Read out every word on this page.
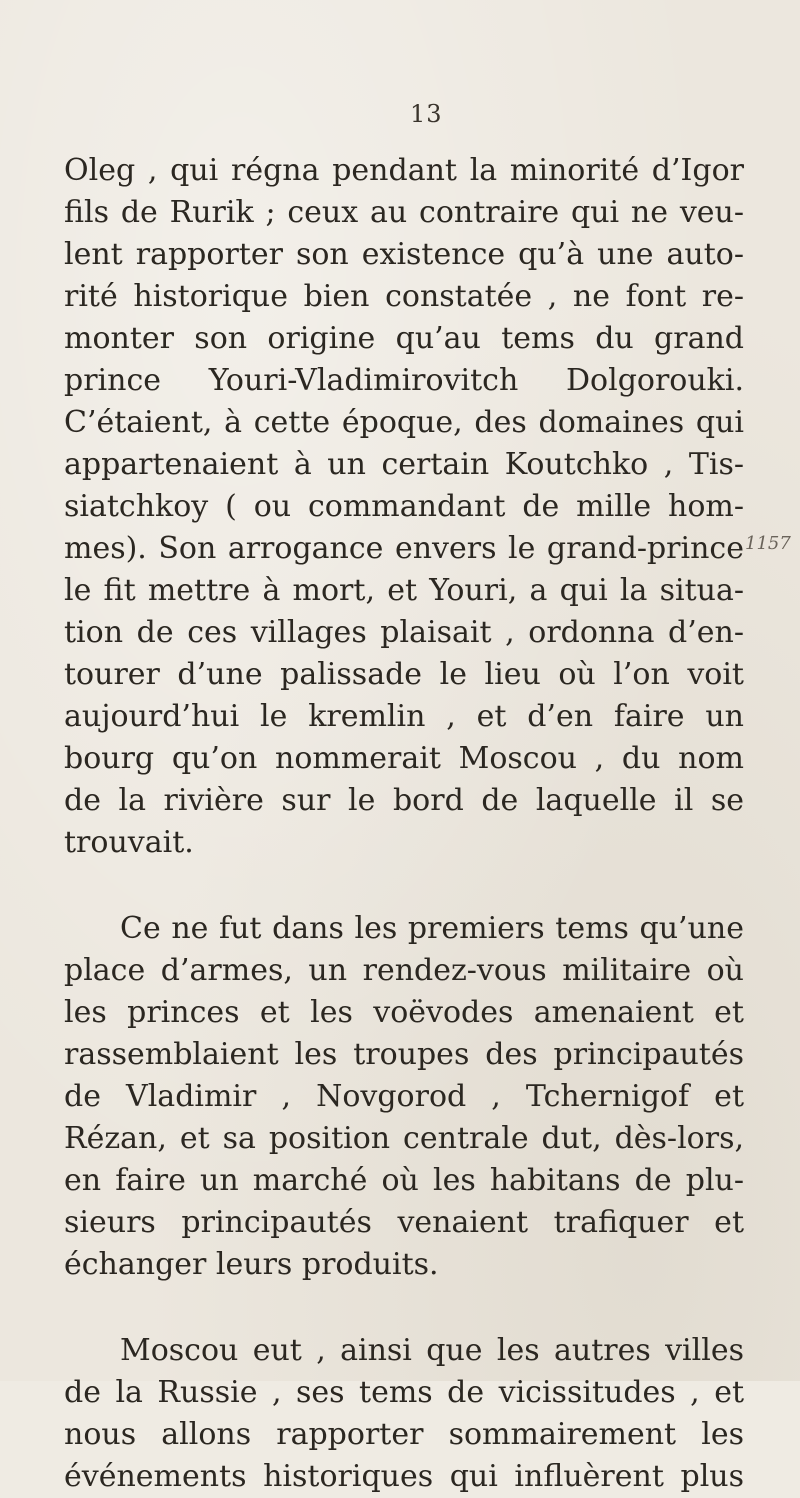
13
1157
Oleg , qui régna pendant la minorité d’Igor
fils de Rurik ; ceux au contraire qui ne veu-
lent rapporter son existence qu’à une auto-
rité historique bien constatée , ne font re-
monter son origine qu’au tems du grand
prince Youri-Vladimirovitch Dolgorouki.
C’étaient, à cette époque, des domaines qui
appartenaient à un certain Koutchko , Tis-
siatchkoy ( ou commandant de mille hom-
mes). Son arrogance envers le grand-prince
le fit mettre à mort, et Youri, a qui la situa-
tion de ces villages plaisait , ordonna d’en-
tourer d’une palissade le lieu où l’on voit
aujourd’hui le kremlin , et d’en faire un
bourg qu’on nommerait Moscou , du nom
de la rivière sur le bord de laquelle il se
trouvait.
Ce ne fut dans les premiers tems qu’une
place d’armes, un rendez-vous militaire où
les princes et les voëvodes amenaient et
rassemblaient les troupes des principautés
de Vladimir , Novgorod , Tchernigof et
Rézan, et sa position centrale dut, dès-lors,
en faire un marché où les habitans de plu-
sieurs principautés venaient trafiquer et
échanger leurs produits.
Moscou eut , ainsi que les autres villes
de la Russie , ses tems de vicissitudes , et
nous allons rapporter sommairement les
événements historiques qui influèrent plus
